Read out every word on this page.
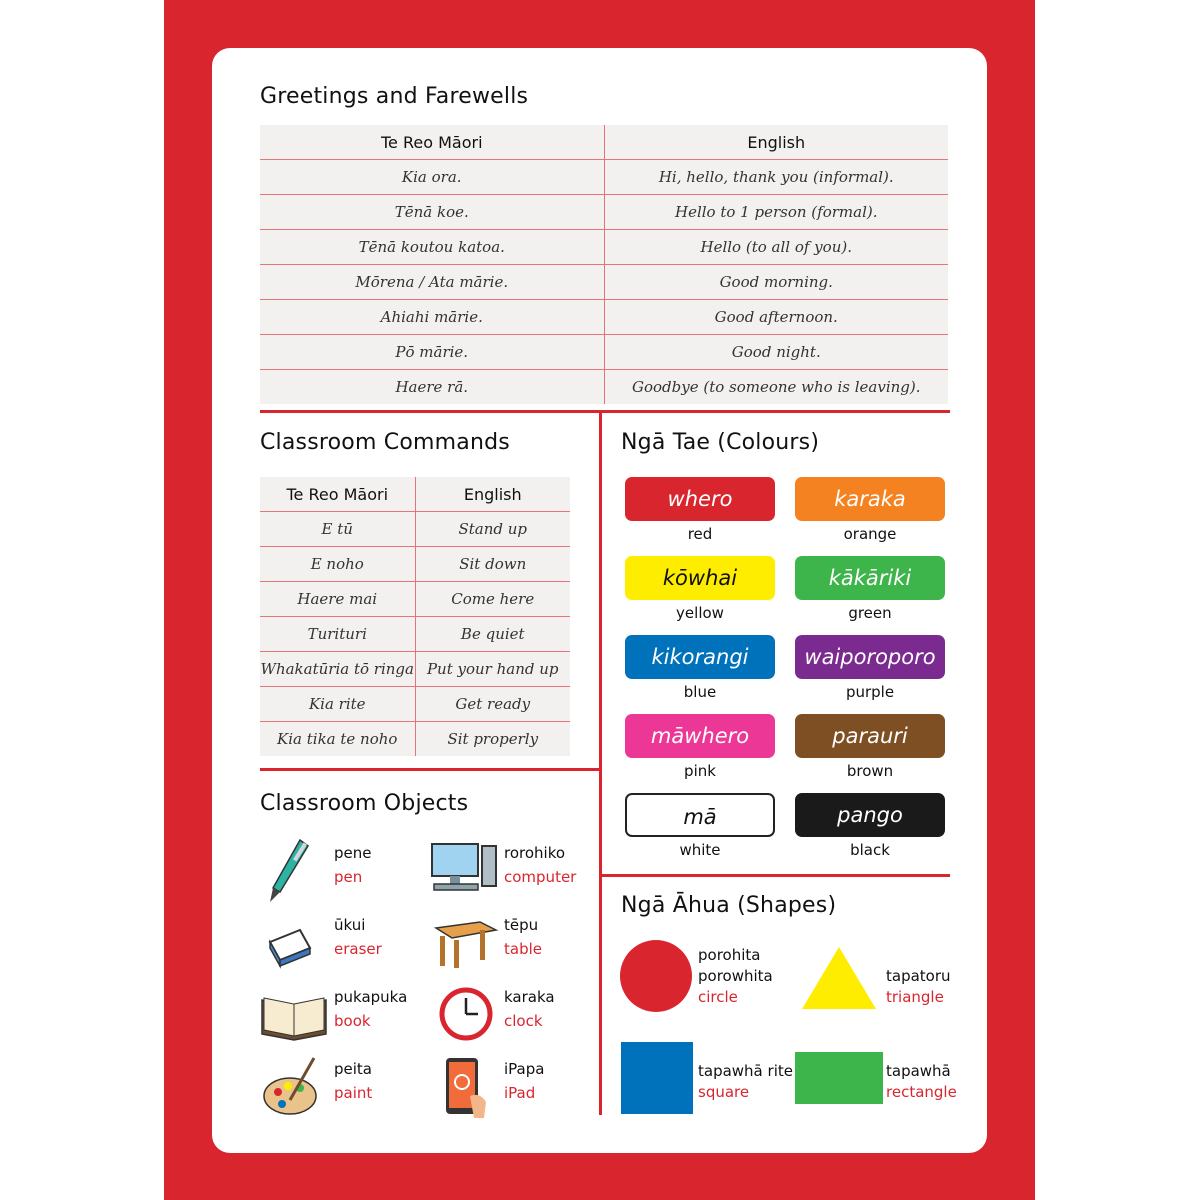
Greetings and Farewells
Te Reo Māori	English
Kia ora.	Hi, hello, thank you (informal).
Tēnā koe.	Hello to 1 person (formal).
Tēnā koutou katoa.	Hello (to all of you).
Mōrena / Ata mārie.	Good morning.
Ahiahi mārie.	Good afternoon.
Pō mārie.	Good night.
Haere rā.	Goodbye (to someone who is leaving).
Classroom Commands
Te Reo Māori	English
E tū	Stand up
E noho	Sit down
Haere mai	Come here
Turituri	Be quiet
Whakatūria tō ringa	Put your hand up
Kia rite	Get ready
Kia tika te noho	Sit properly
Ngā Tae (Colours)
whero
red
karaka
orange
kōwhai
yellow
kākāriki
green
kikorangi
blue
waiporoporo
purple
māwhero
pink
parauri
brown
mā
white
pango
black
Classroom Objects
pene
pen
rorohiko
computer
ūkui
eraser
tēpu
table
pukapuka
book
karaka
clock
peita
paint
iPapa
iPad
Ngā Āhua (Shapes)
porohita
porowhita
circle
tapatoru
triangle
tapawhā rite
square
tapawhā
rectangle
